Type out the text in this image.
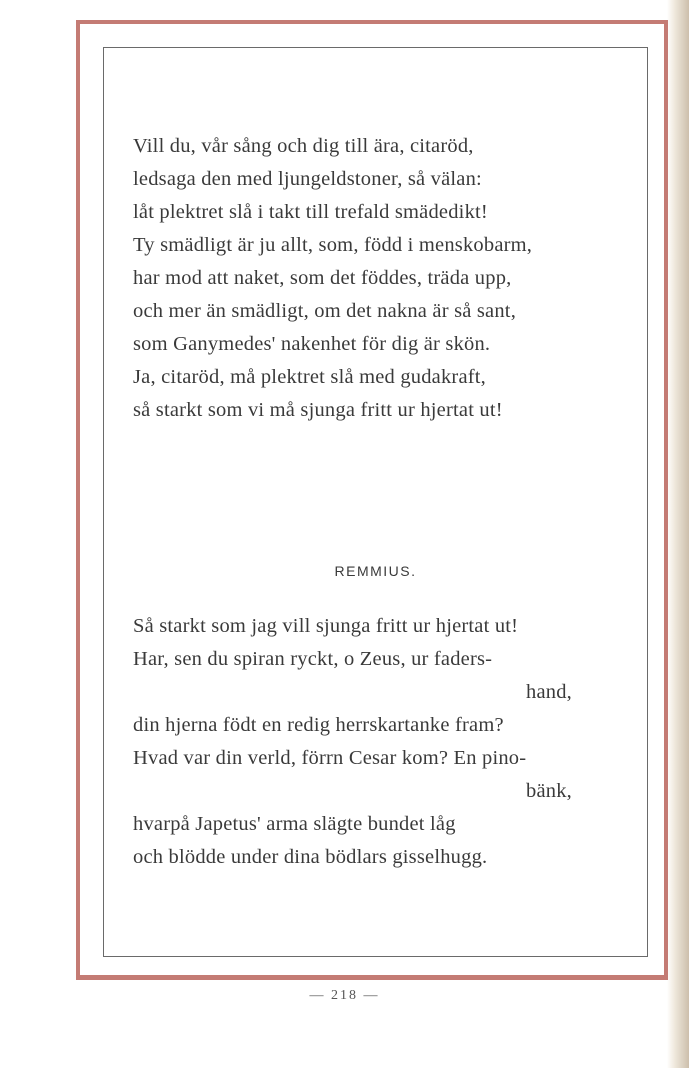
Vill du, vår sång och dig till ära, citaröd,
ledsaga den med ljungeldstoner, så välan:
låt plektret slå i takt till trefald smädedikt!
Ty smädligt är ju allt, som, född i menskobarm,
har mod att naket, som det föddes, träda upp,
och mer än smädligt, om det nakna är så sant,
som Ganymedes' nakenhet för dig är skön.
Ja, citaröd, må plektret slå med gudakraft,
så starkt som vi må sjunga fritt ur hjertat ut!
REMMIUS.
Så starkt som jag vill sjunga fritt ur hjertat ut!
Har, sen du spiran ryckt, o Zeus, ur faders-
hand,
din hjerna födt en redig herrskartanke fram?
Hvad var din verld, förrn Cesar kom? En pino-
bänk,
hvarpå Japetus' arma slägte bundet låg
och blödde under dina bödlars gisselhugg.
— 218 —
